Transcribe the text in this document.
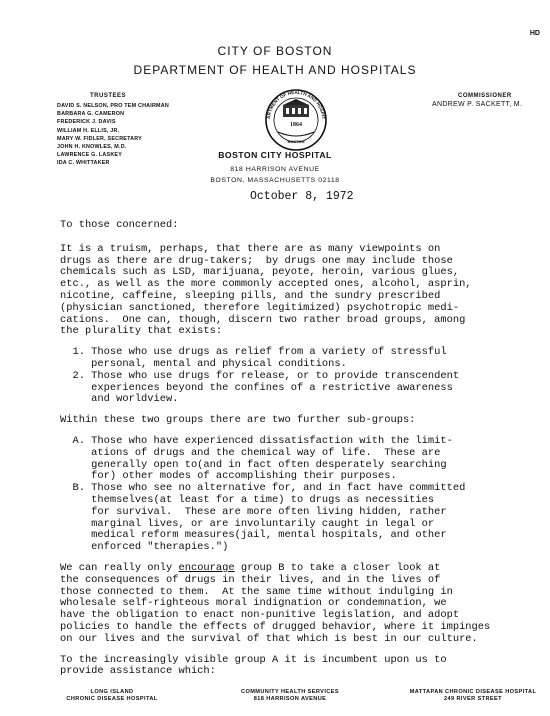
HD
CITY OF BOSTON
DEPARTMENT OF HEALTH AND HOSPITALS
TRUSTEES
DAVID S. NELSON, PRO TEM CHAIRMAN
BARBARA G. CAMERON
FREDERICK J. DAVIS
WILLIAM H. ELLIS, JR.
MARY W. FIDLER, SECRETARY
JOHN H. KNOWLES, M.D.
LAWRENCE G. LASKEY
IDA C. WHITTAKER
COMMISSIONER
ANDREW P. SACKETT, M.
ARTMENT OF HEALTH AND HOSPIT
1864
BOSTON
BOSTON CITY HOSPITAL
818 HARRISON AVENUE
BOSTON, MASSACHUSETTS 02118
October 8, 1972

To those concerned:

It is a truism, perhaps, that there are as many viewpoints on
drugs as there are drug-takers;  by drugs one may include those
chemicals such as LSD, marijuana, peyote, heroin, various glues,
etc., as well as the more commonly accepted ones, alcohol, asprin,
nicotine, caffeine, sleeping pills, and the sundry prescribed
(physician sanctioned, therefore legitimized) psychotropic medi-
cations.  One can, though, discern two rather broad groups, among
the plurality that exists:
1. Those who use drugs as relief from a variety of stressful
personal, mental and physical conditions.
2. Those who use drugs for release, or to provide transcendent
experiences beyond the confines of a restrictive awareness
and worldview.
Within these two groups there are two further sub-groups:
A. Those who have experienced dissatisfaction with the limit-
ations of drugs and the chemical way of life.  These are
generally open to(and in fact often desperately searching
for) other modes of accomplishing their purposes.
B. Those who see no alternative for, and in fact have committed
themselves(at least for a time) to drugs as necessities
for survival.  These are more often living hidden, rather
marginal lives, or are involuntarily caught in legal or
medical reform measures(jail, mental hospitals, and other
enforced "therapies.")
We can really only encourage group B to take a closer look at
the consequences of drugs in their lives, and in the lives of
those connected to them.  At the same time without indulging in
wholesale self-righteous moral indignation or condemnation, we
have the obligation to enact non-punitive legislation, and adopt
policies to handle the effects of drugged behavior, where it impinges
on our lives and the survival of that which is best in our culture.
To the increasingly visible group A it is incumbent upon us to
provide assistance which:
LONG ISLAND
CHRONIC DISEASE HOSPITAL
COMMUNITY HEALTH SERVICES
818 HARRISON AVENUE
MATTAPAN CHRONIC DISEASE HOSPITAL
249 RIVER STREET
